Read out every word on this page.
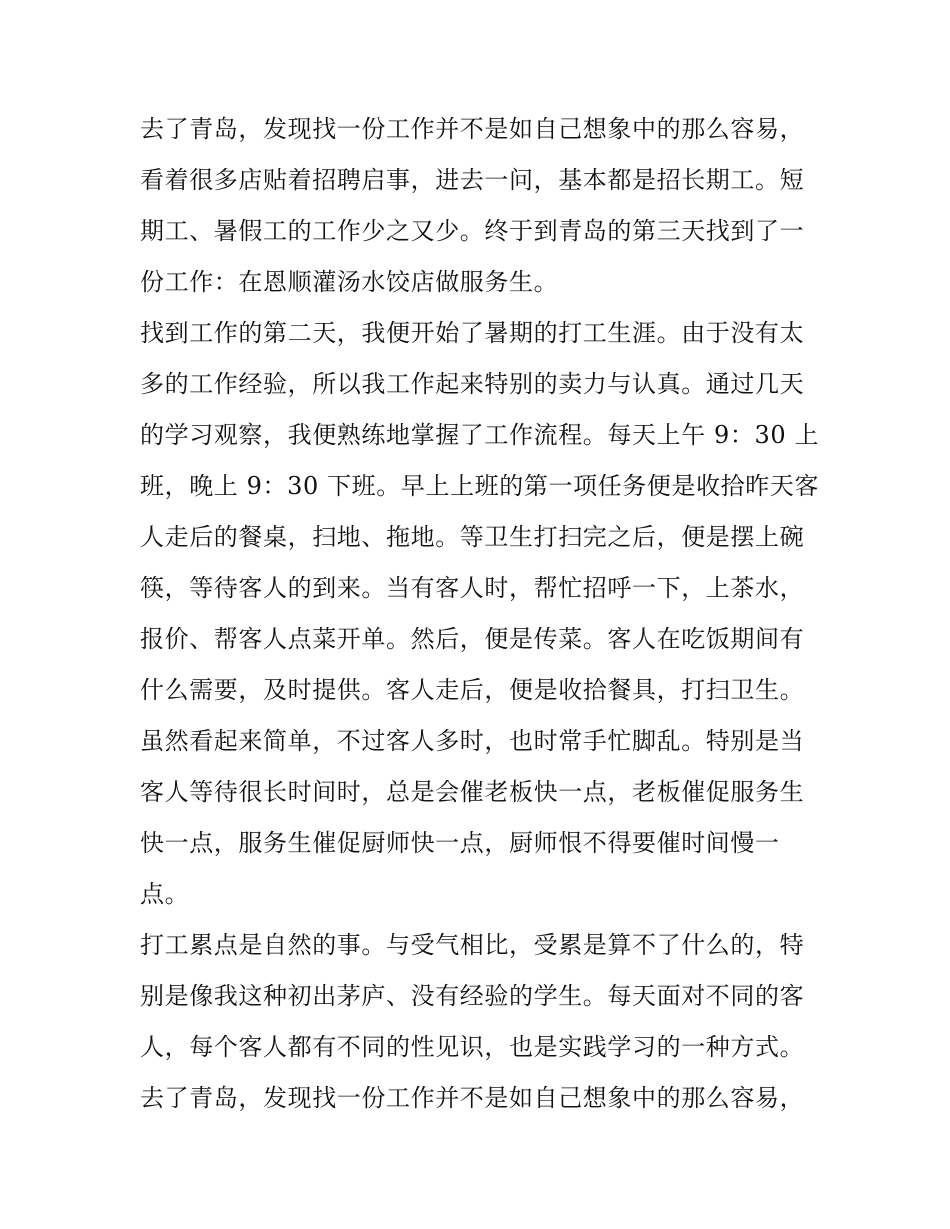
去了青岛，发现找一份工作并不是如自己想象中的那么容易，
看着很多店贴着招聘启事，进去一问，基本都是招长期工。短
期工、暑假工的工作少之又少。终于到青岛的第三天找到了一
份工作：在恩顺灌汤水饺店做服务生。
找到工作的第二天，我便开始了暑期的打工生涯。由于没有太
多的工作经验，所以我工作起来特别的卖力与认真。通过几天
的学习观察，我便熟练地掌握了工作流程。每天上午 9：30 上
班，晚上 9：30 下班。早上上班的第一项任务便是收拾昨天客
人走后的餐桌，扫地、拖地。等卫生打扫完之后，便是摆上碗
筷，等待客人的到来。当有客人时，帮忙招呼一下，上茶水，
报价、帮客人点菜开单。然后，便是传菜。客人在吃饭期间有
什么需要，及时提供。客人走后，便是收拾餐具，打扫卫生。
虽然看起来简单，不过客人多时，也时常手忙脚乱。特别是当
客人等待很长时间时，总是会催老板快一点，老板催促服务生
快一点，服务生催促厨师快一点，厨师恨不得要催时间慢一
点。
打工累点是自然的事。与受气相比，受累是算不了什么的，特
别是像我这种初出茅庐、没有经验的学生。每天面对不同的客
人，每个客人都有不同的性见识，也是实践学习的一种方式。
去了青岛，发现找一份工作并不是如自己想象中的那么容易，
